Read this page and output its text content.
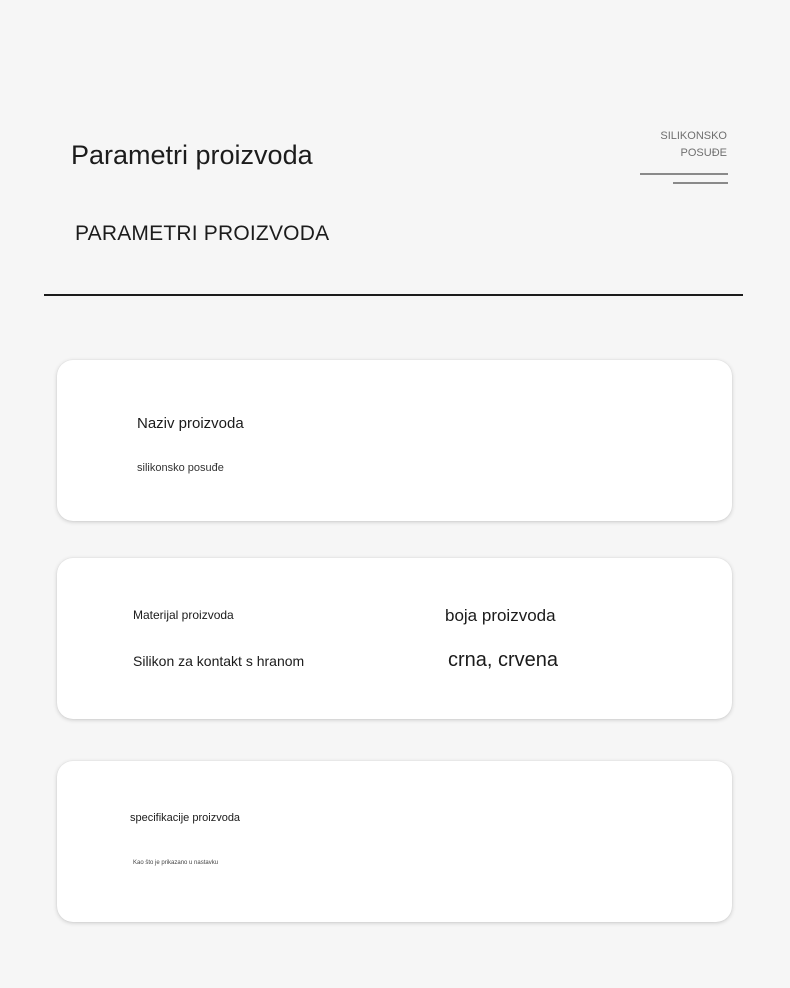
Parametri proizvoda
SILIKONSKO
POSUĐE
PARAMETRI PROIZVODA
Naziv proizvoda
silikonsko posuđe
Materijal proizvoda
Silikon za kontakt s hranom
boja proizvoda
crna, crvena
specifikacije proizvoda
Kao što je prikazano u nastavku
